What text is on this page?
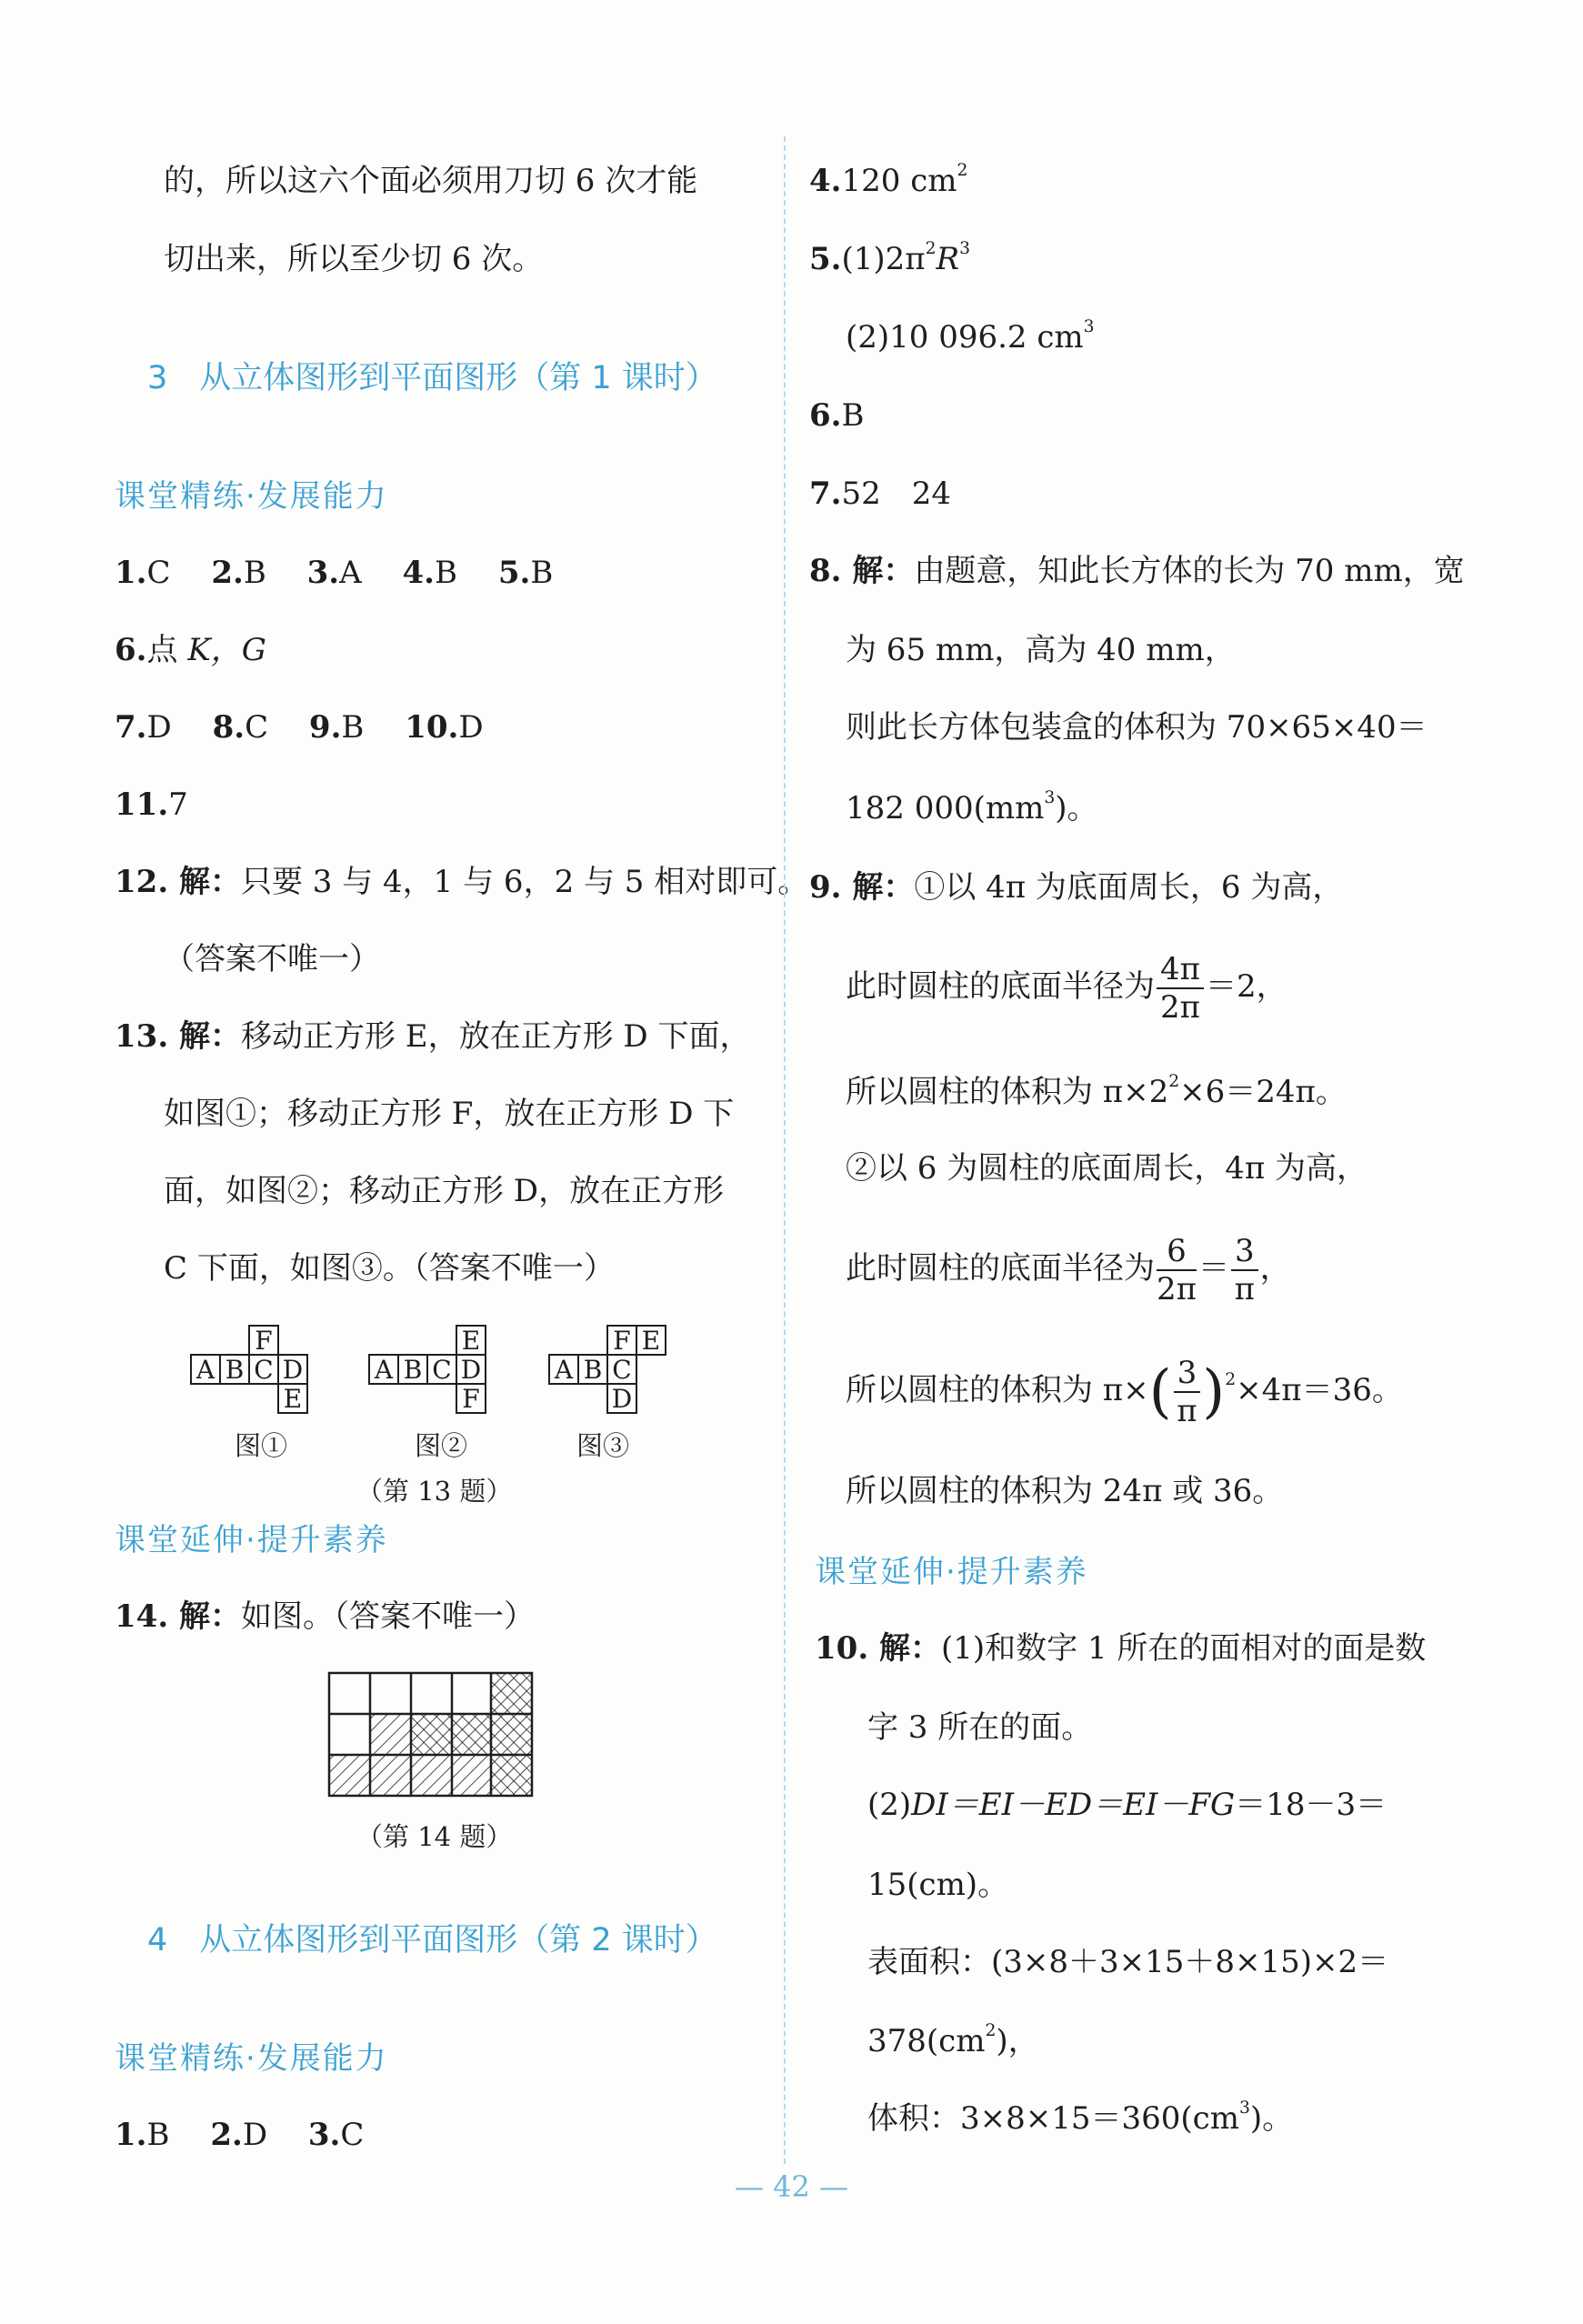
的，所以这六个面必须用刀切 6 次才能
切出来，所以至少切 6 次。
3　从立体图形到平面图形（第 1 课时）
课堂精练·发展能力
1.C  2.B  3.A  4.B  5.B
6.点 K，G
7.D  8.C  9.B  10.D
11.7
12. 解：只要 3 与 4，1 与 6，2 与 5 相对即可。
（答案不唯一）
13. 解：移动正方形 E，放在正方形 D 下面，
如图①；移动正方形 F，放在正方形 D 下
面，如图②；移动正方形 D，放在正方形
C 下面，如图③。（答案不唯一）
A B C D
F
E
A B C D
E
F
A B C
F E
D
图①	图②	图③
（第 13 题）
课堂延伸·提升素养
14. 解：如图。（答案不唯一）
（第 14 题）
4　从立体图形到平面图形（第 2 课时）
课堂精练·发展能力
1.B  2.D  3.C
4.120 $cm^2$
$5.(1)2\pi^2R^3$
(2)10 096.2 $cm^3$
6.B
7.52　24
8. 解：由题意，知此长方体的长为 70 mm，宽
为 65 mm，高为 40 mm，
则此长方体包装盒的体积为 70×65×40＝
182 $000(mm^3)$。
9. 解：①以 4π 为底面周长，6 为高，
此时圆柱的底面半径为 $\frac{4\pi}{2\pi} =2$，
所以圆柱的体积为 $\pi\times 2^2\times 6=24\pi$。
②以 6 为圆柱的底面周长，4π 为高，
此时圆柱的底面半径为 $\frac{6}{2\pi} = \frac{3}{\pi}$ ，
所以圆柱的体积为 $\pi\times( \frac{3}{\pi} )^2\times 4\pi=36$。
所以圆柱的体积为 24π 或 36。
课堂延伸·提升素养
10. 解：(1)和数字 1 所在的面相对的面是数
字 3 所在的面。
(2)DI＝EI－ED＝EI－FG＝18－3＝
15(cm)。
表面积：(3×8＋3×15＋8×15)×2＝
$378(cm^2)$，
体积：$3\times 8\times 15=360(cm^3)$。
— 42 —
